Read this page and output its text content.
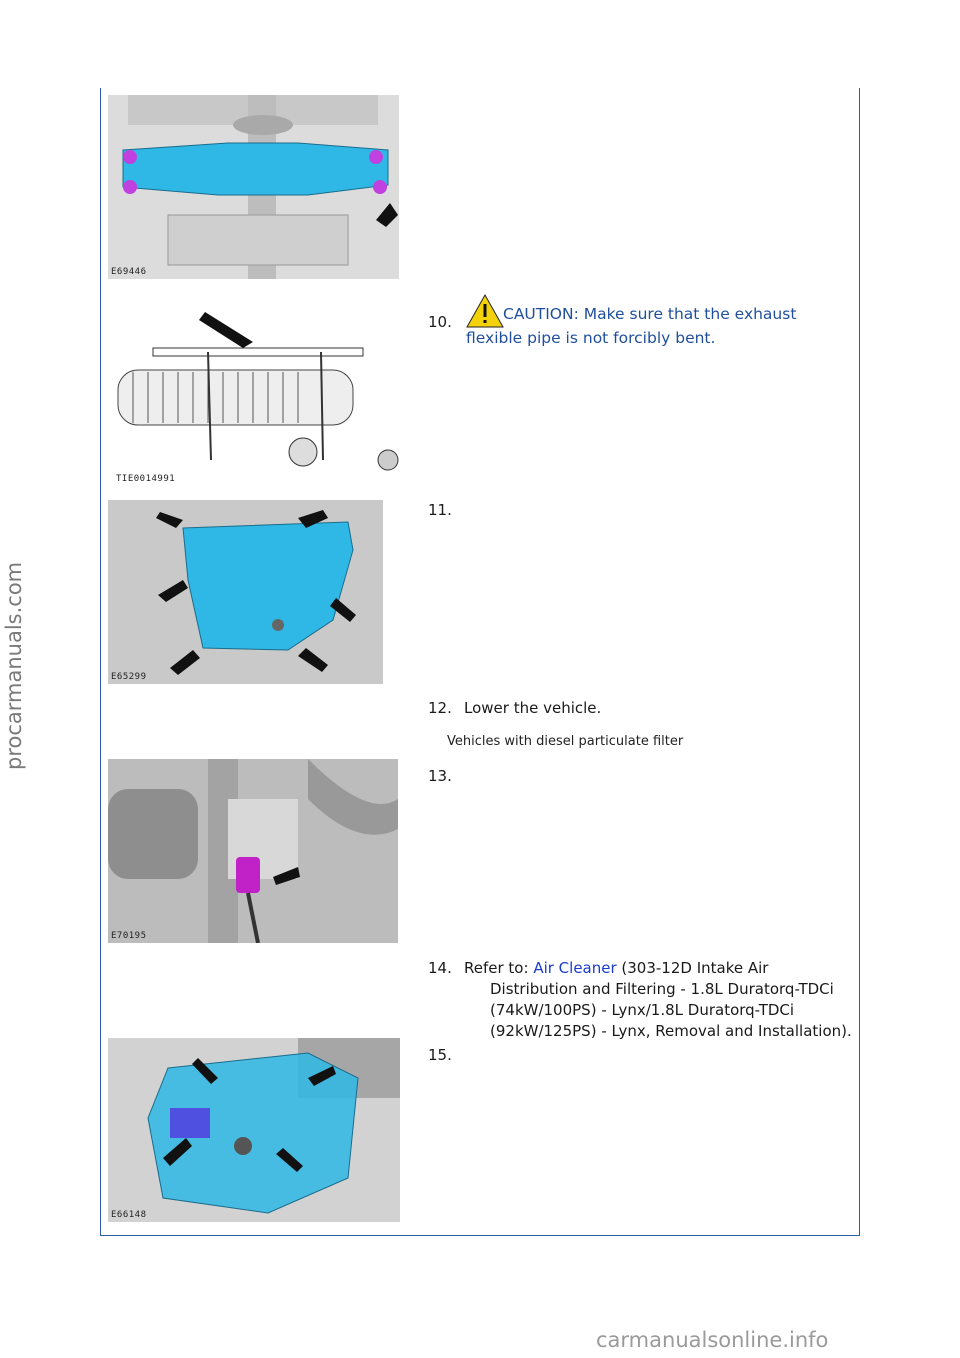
E69446
TIE0014991
E65299
E70195
E66148
10.	CAUTION: Make sure that the exhaust
flexible pipe is not forcibly bent.
11.
12. Lower the vehicle.
Vehicles with diesel particulate filter
13.
14. Refer to: Air Cleaner (303-12D Intake Air
Distribution and Filtering - 1.8L Duratorq-TDCi
(74kW/100PS) - Lynx/1.8L Duratorq-TDCi
(92kW/125PS) - Lynx, Removal and Installation).
15.
procarmanuals.com
carmanualsonline.info
